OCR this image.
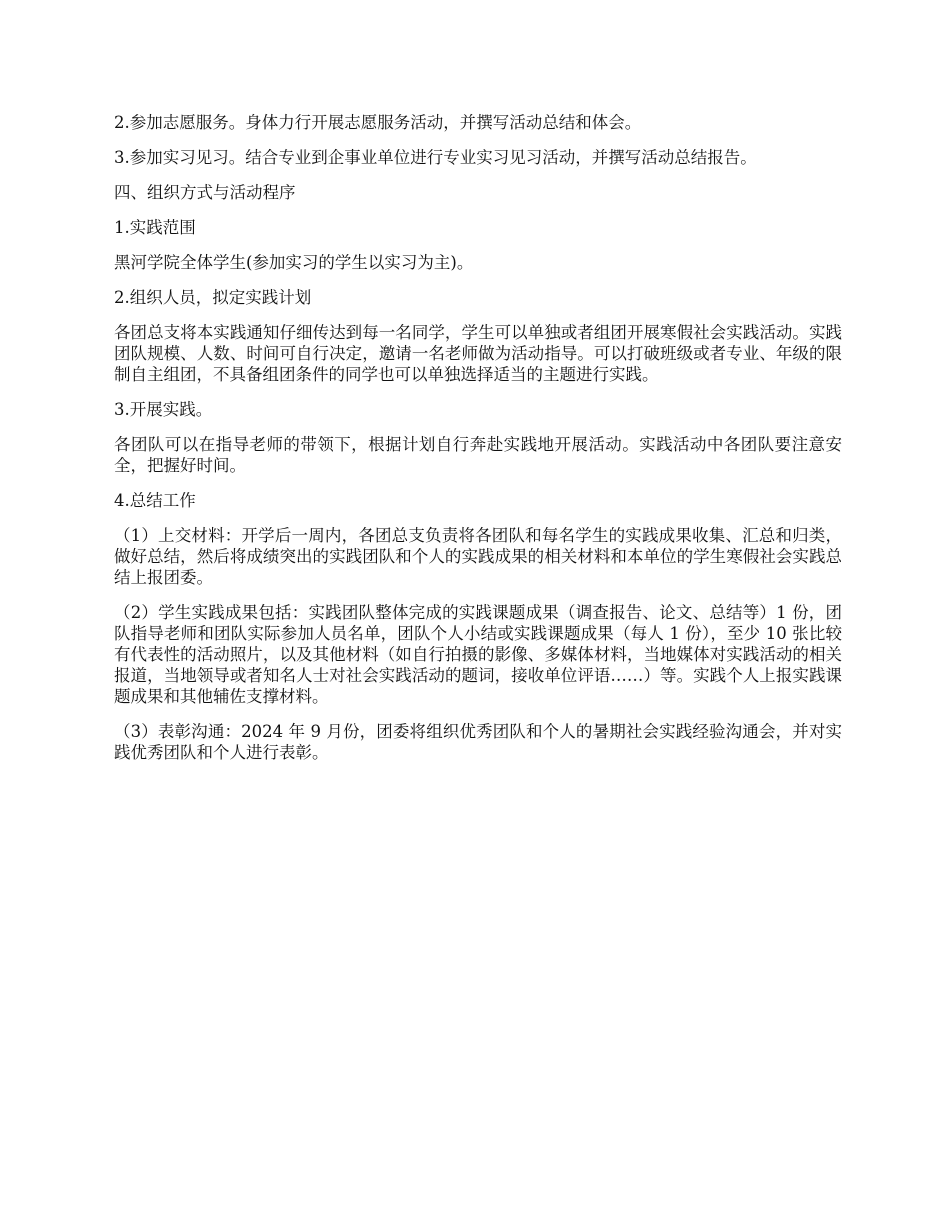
2.参加志愿服务。身体力行开展志愿服务活动，并撰写活动总结和体会。

3.参加实习见习。结合专业到企事业单位进行专业实习见习活动，并撰写活动总结报告。

四、组织方式与活动程序

1.实践范围

黑河学院全体学生(参加实习的学生以实习为主)。

2.组织人员，拟定实践计划

各团总支将本实践通知仔细传达到每一名同学，学生可以单独或者组团开展寒假社会实践活动。实践团队规模、人数、时间可自行决定，邀请一名老师做为活动指导。可以打破班级或者专业、年级的限制自主组团，不具备组团条件的同学也可以单独选择适当的主题进行实践。

3.开展实践。

各团队可以在指导老师的带领下，根据计划自行奔赴实践地开展活动。实践活动中各团队要注意安全，把握好时间。

4.总结工作

（1）上交材料：开学后一周内，各团总支负责将各团队和每名学生的实践成果收集、汇总和归类，做好总结，然后将成绩突出的实践团队和个人的实践成果的相关材料和本单位的学生寒假社会实践总结上报团委。

（2）学生实践成果包括：实践团队整体完成的实践课题成果（调查报告、论文、总结等）1 份，团队指导老师和团队实际参加人员名单，团队个人小结或实践课题成果（每人 1 份），至少 10 张比较有代表性的活动照片，以及其他材料（如自行拍摄的影像、多媒体材料，当地媒体对实践活动的相关报道，当地领导或者知名人士对社会实践活动的题词，接收单位评语……）等。实践个人上报实践课题成果和其他辅佐支撑材料。

（3）表彰沟通：2024 年 9 月份，团委将组织优秀团队和个人的暑期社会实践经验沟通会，并对实践优秀团队和个人进行表彰。
